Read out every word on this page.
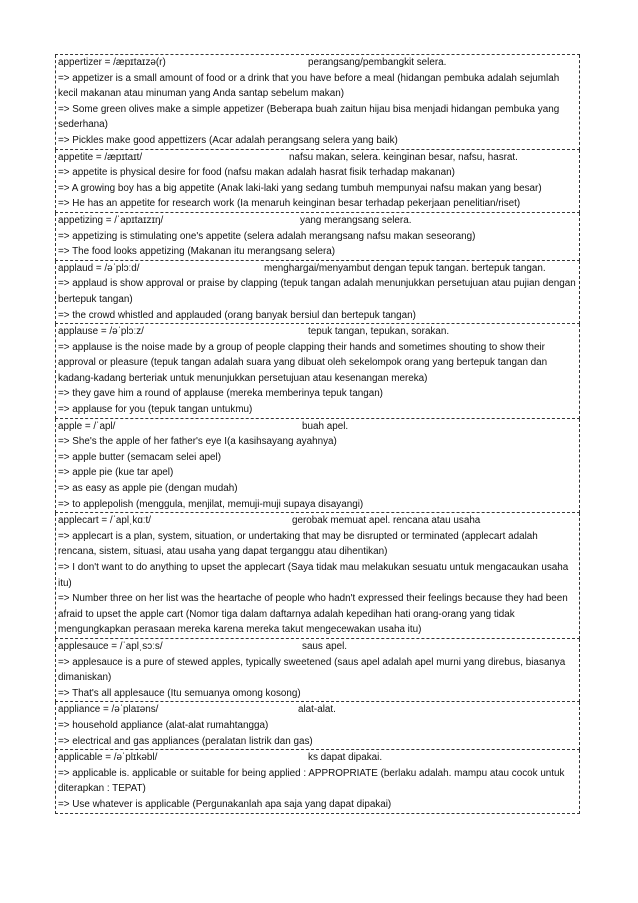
appertizer = /æpɪtaɪzə(r)	perangsang/pembangkit selera.
=> appetizer is a small amount of food or a drink that you have before a meal (hidangan pembuka adalah sejumlah kecil makanan atau minuman yang Anda santap sebelum makan)
=> Some green olives make a simple appetizer (Beberapa buah zaitun hijau bisa menjadi hidangan pembuka yang sederhana)
=> Pickles make good appettizers (Acar adalah perangsang selera yang baik)
appetite = /æpɪtaɪt/	nafsu makan, selera. keinginan besar, nafsu, hasrat.
=> appetite is physical desire for food (nafsu makan adalah hasrat fisik terhadap makanan)
=> A growing boy has a big appetite (Anak laki-laki yang sedang tumbuh mempunyai nafsu makan yang besar)
=> He has an appetite for research work (Ia menaruh keinginan besar terhadap pekerjaan penelitian/riset)
appetizing = /ˈapɪtaɪzɪŋ/	yang merangsang selera.
=> appetizing is stimulating one's appetite (selera adalah merangsang nafsu makan seseorang)
=> The food looks appetizing (Makanan itu merangsang selera)
applaud = /əˈplɔːd/	menghargai/menyambut dengan tepuk tangan. bertepuk tangan.
=> applaud is show approval or praise by clapping (tepuk tangan adalah menunjukkan persetujuan atau pujian dengan bertepuk tangan)
=> the crowd whistled and applauded (orang banyak bersiul dan bertepuk tangan)
applause = /əˈplɔːz/	tepuk tangan, tepukan, sorakan.
=> applause is the noise made by a group of people clapping their hands and sometimes shouting to show their approval or pleasure (tepuk tangan adalah suara yang dibuat oleh sekelompok orang yang bertepuk tangan dan kadang-kadang berteriak untuk menunjukkan persetujuan atau kesenangan mereka)
=> they gave him a round of applause (mereka memberinya tepuk tangan)
=> applause for you (tepuk tangan untukmu)
apple = /ˈapl/	buah apel.
=> She's the apple of her father's eye I(a kasihsayang ayahnya)
=> apple butter (semacam selei apel)
=> apple pie (kue tar apel)
=> as easy as apple pie (dengan mudah)
=> to applepolish (menggula, menjilat, memuji-muji supaya disayangi)
applecart = /ˈaplˌkɑːt/	gerobak memuat apel. rencana atau usaha
=> applecart is a plan, system, situation, or undertaking that may be disrupted or terminated (applecart adalah rencana, sistem, situasi, atau usaha yang dapat terganggu atau dihentikan)
=> I don't want to do anything to upset the applecart (Saya tidak mau melakukan sesuatu untuk mengacaukan usaha itu)
=> Number three on her list was the heartache of people who hadn't expressed their feelings because they had been afraid to upset the apple cart (Nomor tiga dalam daftarnya adalah kepedihan hati orang-orang yang tidak mengungkapkan perasaan mereka karena mereka takut mengecewakan usaha itu)
applesauce = /ˈaplˌsɔːs/	saus apel.
=> applesauce is a pure of stewed apples, typically sweetened (saus apel adalah apel murni yang direbus, biasanya dimaniskan)
=> That's all applesauce (Itu semuanya omong kosong)
appliance = /əˈplaɪəns/	alat-alat.
=> household appliance (alat-alat rumahtangga)
=> electrical and gas appliances (peralatan listrik dan gas)
applicable = /əˈplɪkəbl/	ks dapat dipakai.
=> applicable is. applicable or suitable for being applied : APPROPRIATE (berlaku adalah. mampu atau cocok untuk diterapkan : TEPAT)
=> Use whatever is applicable (Pergunakanlah apa saja yang dapat dipakai)
